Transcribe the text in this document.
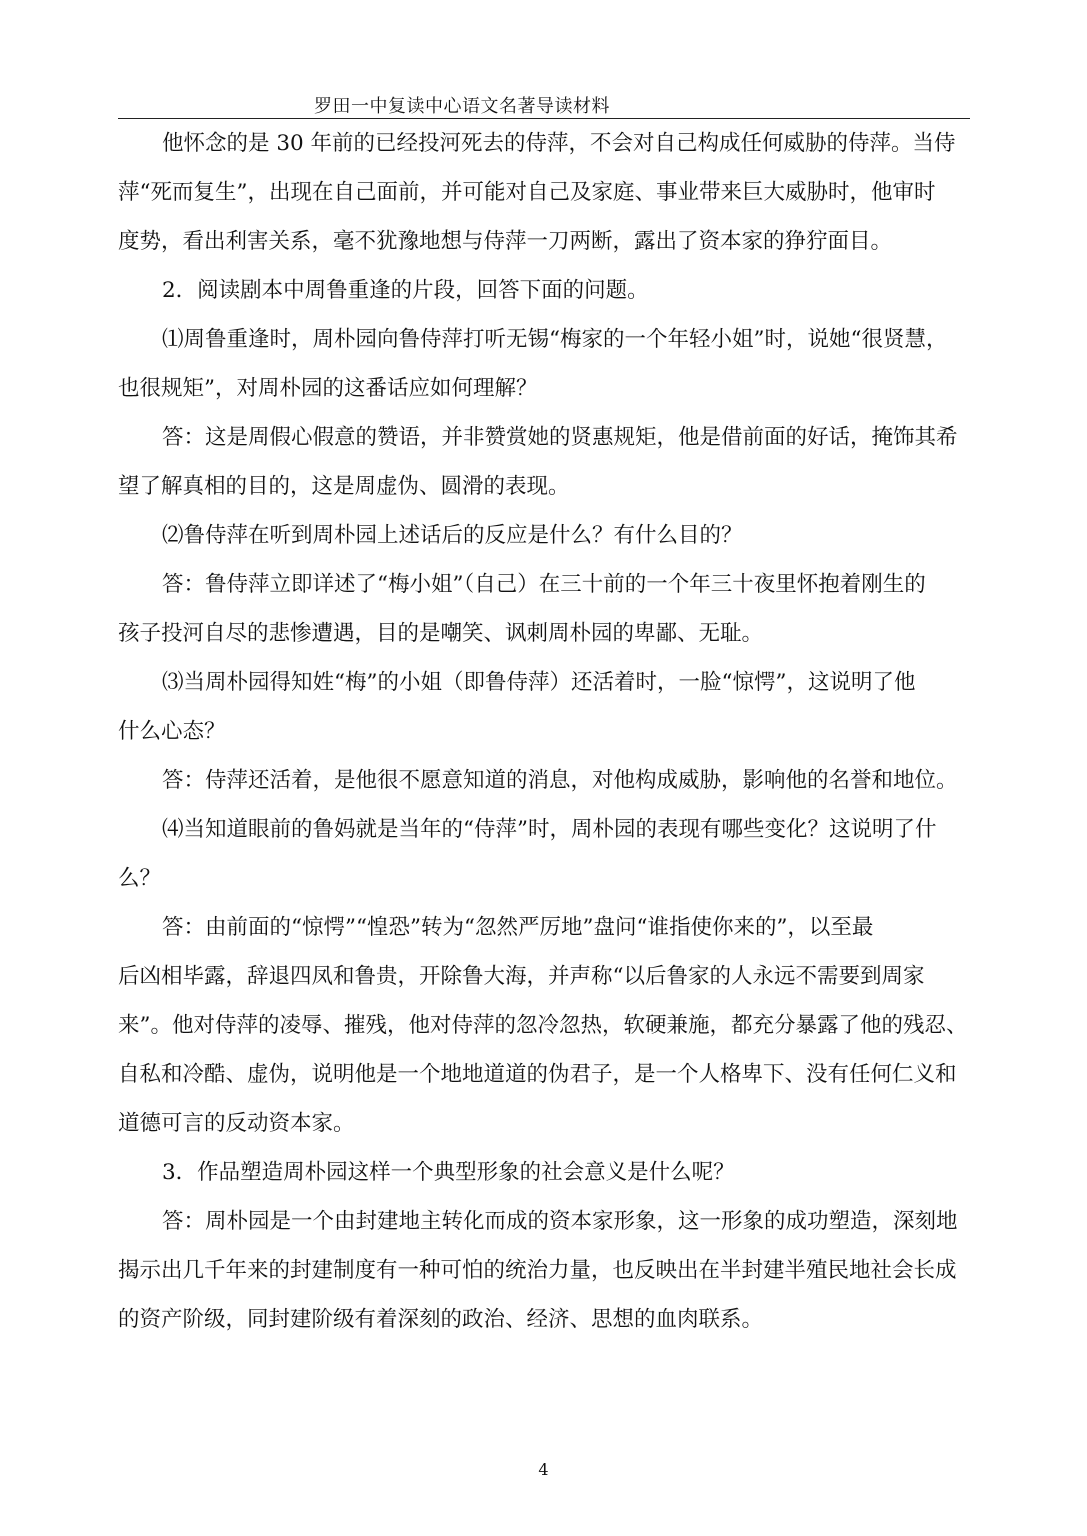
罗田一中复读中心语文名著导读材料
他怀念的是 30 年前的已经投河死去的侍萍，不会对自己构成任何威胁的侍萍。当侍
萍“死而复生”，出现在自己面前，并可能对自己及家庭、事业带来巨大威胁时，他审时
度势，看出利害关系，毫不犹豫地想与侍萍一刀两断，露出了资本家的狰狞面目。
2．阅读剧本中周鲁重逢的片段，回答下面的问题。
⑴周鲁重逢时，周朴园向鲁侍萍打听无锡“梅家的一个年轻小姐”时，说她“很贤慧，
也很规矩”，对周朴园的这番话应如何理解？
答：这是周假心假意的赞语，并非赞赏她的贤惠规矩，他是借前面的好话，掩饰其希
望了解真相的目的，这是周虚伪、圆滑的表现。
⑵鲁侍萍在听到周朴园上述话后的反应是什么？有什么目的？
答：鲁侍萍立即详述了“梅小姐”（自己）在三十前的一个年三十夜里怀抱着刚生的
孩子投河自尽的悲惨遭遇，目的是嘲笑、讽刺周朴园的卑鄙、无耻。
⑶当周朴园得知姓“梅”的小姐（即鲁侍萍）还活着时，一脸“惊愕”，这说明了他
什么心态？
答：侍萍还活着，是他很不愿意知道的消息，对他构成威胁，影响他的名誉和地位。
⑷当知道眼前的鲁妈就是当年的“侍萍”时，周朴园的表现有哪些变化？这说明了什
么？
答：由前面的“惊愕”“惶恐”转为“忽然严厉地”盘问“谁指使你来的”，以至最
后凶相毕露，辞退四凤和鲁贵，开除鲁大海，并声称“以后鲁家的人永远不需要到周家
来”。他对侍萍的凌辱、摧残，他对侍萍的忽冷忽热，软硬兼施，都充分暴露了他的残忍、
自私和冷酷、虚伪，说明他是一个地地道道的伪君子，是一个人格卑下、没有任何仁义和
道德可言的反动资本家。
3．作品塑造周朴园这样一个典型形象的社会意义是什么呢？
答：周朴园是一个由封建地主转化而成的资本家形象，这一形象的成功塑造，深刻地
揭示出几千年来的封建制度有一种可怕的统治力量，也反映出在半封建半殖民地社会长成
的资产阶级，同封建阶级有着深刻的政治、经济、思想的血肉联系。
4
